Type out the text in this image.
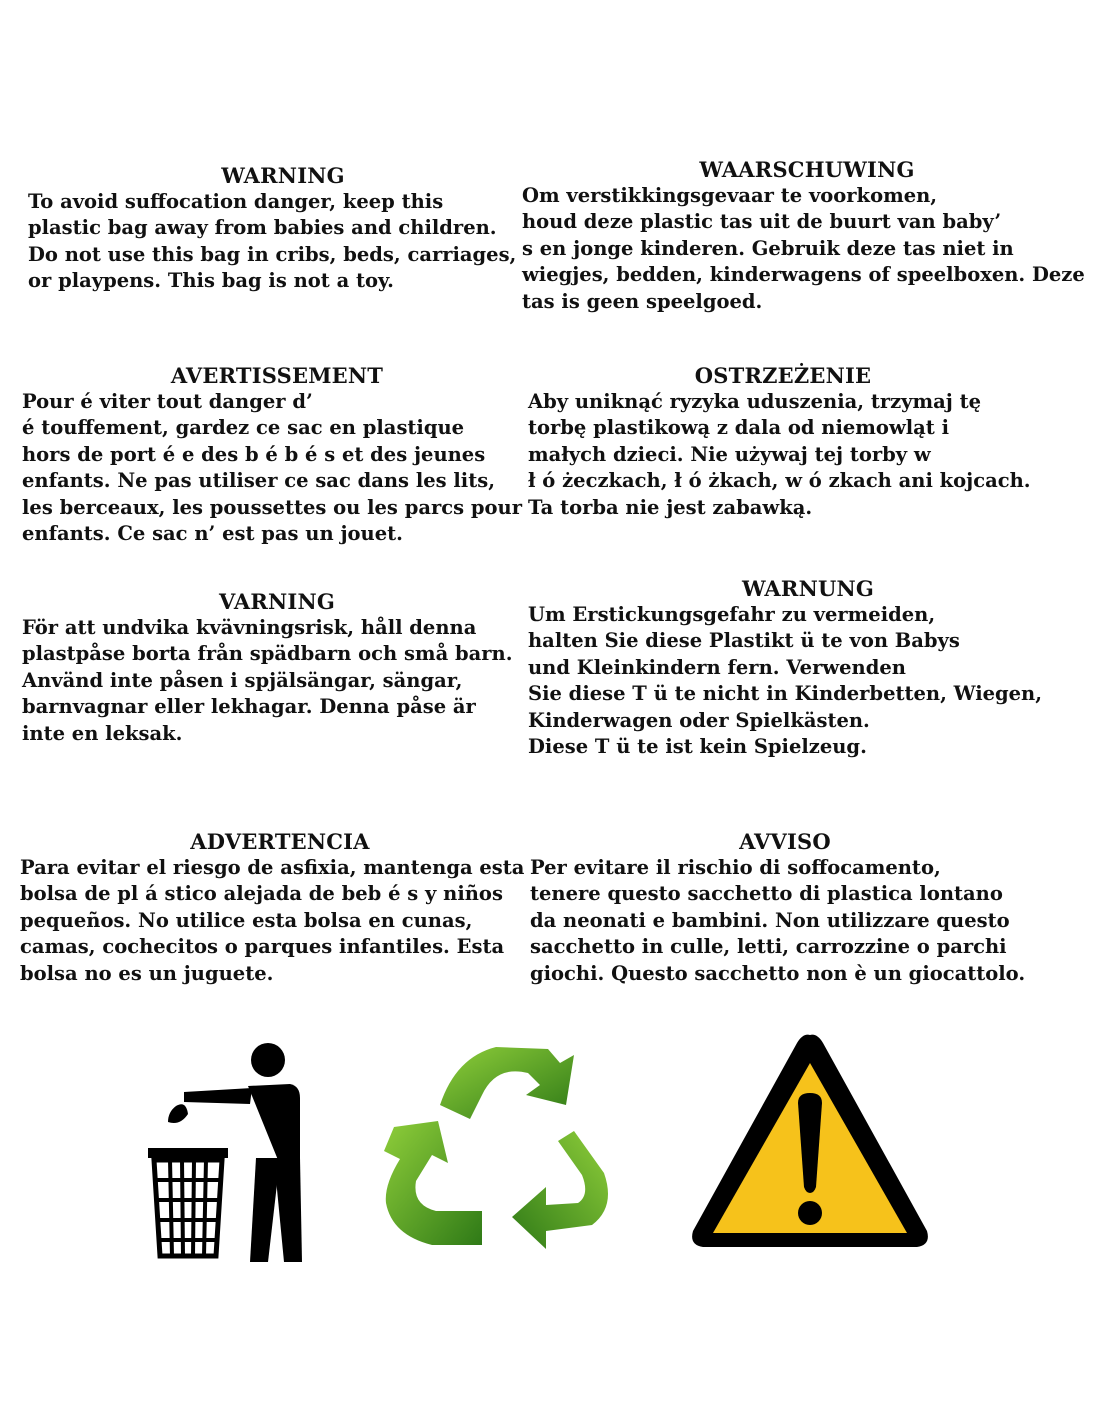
WARNING

To avoid suffocation danger, keep this
plastic bag away from babies and children.
Do not use this bag in cribs, beds, carriages,
or playpens. This bag is not a toy.

WAARSCHUWING

Om verstikkingsgevaar te voorkomen,
houd deze plastic tas uit de buurt van baby’
s en jonge kinderen. Gebruik deze tas niet in
wiegjes, bedden, kinderwagens of speelboxen. Deze
tas is geen speelgoed.

AVERTISSEMENT

Pour é viter tout danger d’
é touffement, gardez ce sac en plastique
hors de port é e des b é b é s et des jeunes
enfants. Ne pas utiliser ce sac dans les lits,
les berceaux, les poussettes ou les parcs pour
enfants. Ce sac n’ est pas un jouet.

OSTRZEŻENIE

Aby uniknąć ryzyka uduszenia, trzymaj tę
torbę plastikową z dala od niemowląt i
małych dzieci. Nie używaj tej torby w
ł ó żeczkach, ł ó żkach, w ó zkach ani kojcach.
Ta torba nie jest zabawką.

VARNING

För att undvika kvävningsrisk, håll denna
plastpåse borta från spädbarn och små barn.
Använd inte påsen i spjälsängar, sängar,
barnvagnar eller lekhagar. Denna påse är
inte en leksak.

WARNUNG

Um Erstickungsgefahr zu vermeiden,
halten Sie diese Plastikt ü te von Babys
und Kleinkindern fern. Verwenden
Sie diese T ü te nicht in Kinderbetten, Wiegen,
Kinderwagen oder Spielkästen.
Diese T ü te ist kein Spielzeug.

ADVERTENCIA

Para evitar el riesgo de asfixia, mantenga esta
bolsa de pl á stico alejada de beb é s y niños
pequeños. No utilice esta bolsa en cunas,
camas, cochecitos o parques infantiles. Esta
bolsa no es un juguete.

AVVISO

Per evitare il rischio di soffocamento,
tenere questo sacchetto di plastica lontano
da neonati e bambini. Non utilizzare questo
sacchetto in culle, letti, carrozzine o parchi
giochi. Questo sacchetto non è un giocattolo.
